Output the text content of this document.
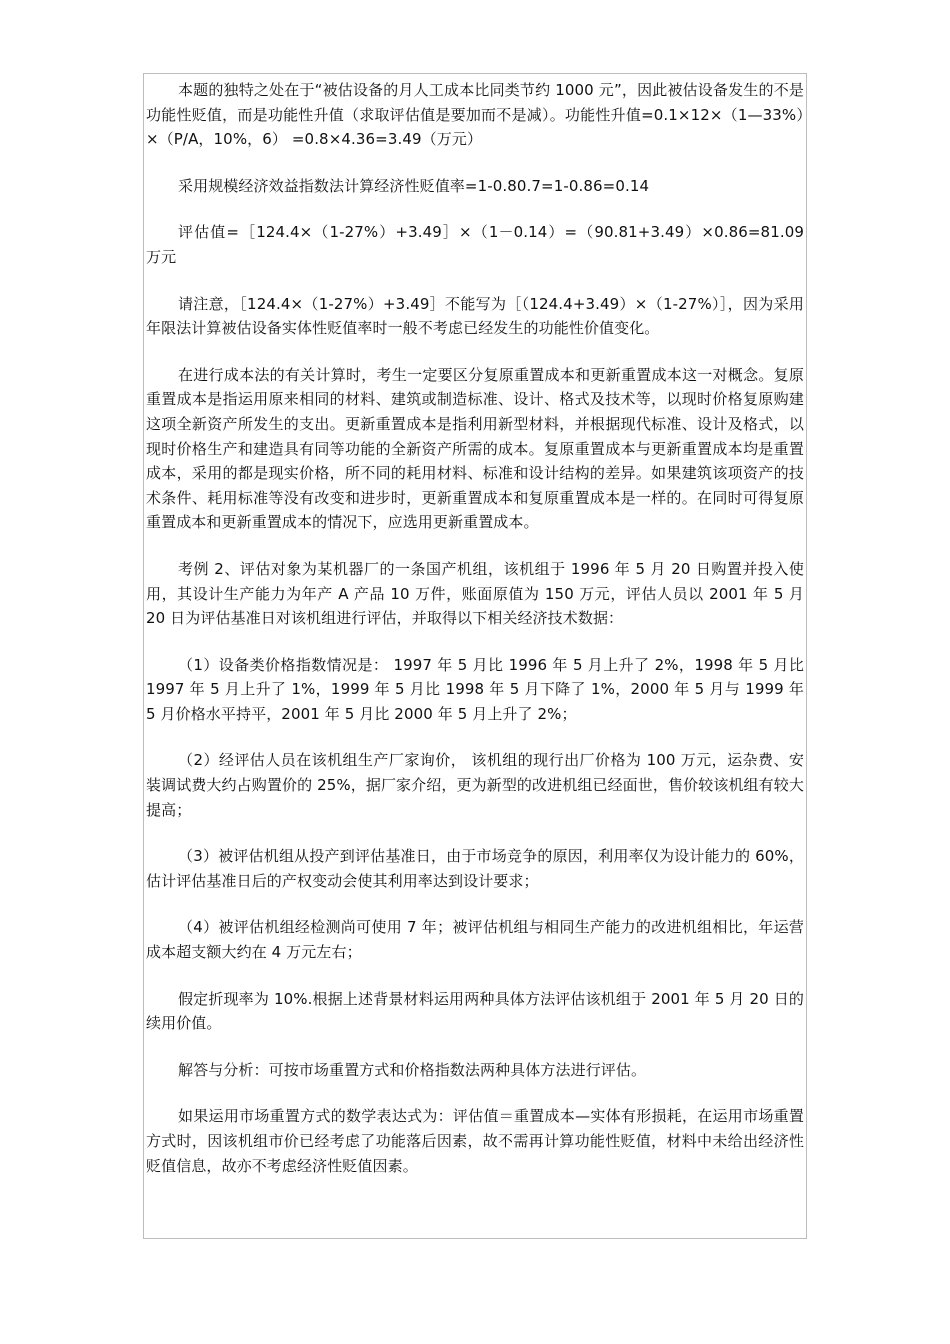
本题的独特之处在于“被估设备的月人工成本比同类节约 1000 元”，因此被估设备发生的不是功能性贬值，而是功能性升值（求取评估值是要加而不是减）。功能性升值=0.1×12×（1—33%）×（P/A，10%，6） =0.8×4.36=3.49（万元）

采用规模经济效益指数法计算经济性贬值率=1-0.80.7=1-0.86=0.14

评估值=［124.4×（1-27%）+3.49］×（1－0.14）=（90.81+3.49）×0.86=81.09 万元

请注意，［124.4×（1-27%）+3.49］不能写为［（124.4+3.49）×（1-27%）］，因为采用年限法计算被估设备实体性贬值率时一般不考虑已经发生的功能性价值变化。

在进行成本法的有关计算时，考生一定要区分复原重置成本和更新重置成本这一对概念。复原重置成本是指运用原来相同的材料、建筑或制造标准、设计、格式及技术等，以现时价格复原购建这项全新资产所发生的支出。更新重置成本是指利用新型材料，并根据现代标准、设计及格式，以现时价格生产和建造具有同等功能的全新资产所需的成本。复原重置成本与更新重置成本均是重置成本，采用的都是现实价格，所不同的耗用材料、标准和设计结构的差异。如果建筑该项资产的技术条件、耗用标准等没有改变和进步时，更新重置成本和复原重置成本是一样的。在同时可得复原重置成本和更新重置成本的情况下，应选用更新重置成本。

考例 2、评估对象为某机器厂的一条国产机组，该机组于 1996 年 5 月 20 日购置并投入使用，其设计生产能力为年产 A 产品 10 万件，账面原值为 150 万元，评估人员以 2001 年 5 月 20 日为评估基准日对该机组进行评估，并取得以下相关经济技术数据：

（1）设备类价格指数情况是： 1997 年 5 月比 1996 年 5 月上升了 2%，1998 年 5 月比 1997 年 5 月上升了 1%，1999 年 5 月比 1998 年 5 月下降了 1%，2000 年 5 月与 1999 年 5 月价格水平持平，2001 年 5 月比 2000 年 5 月上升了 2%；

（2）经评估人员在该机组生产厂家询价， 该机组的现行出厂价格为 100 万元，运杂费、安装调试费大约占购置价的 25%，据厂家介绍，更为新型的改进机组已经面世，售价较该机组有较大提高；

（3）被评估机组从投产到评估基准日，由于市场竞争的原因，利用率仅为设计能力的 60%，估计评估基准日后的产权变动会使其利用率达到设计要求；

（4）被评估机组经检测尚可使用 7 年；被评估机组与相同生产能力的改进机组相比，年运营成本超支额大约在 4 万元左右；

假定折现率为 10%.根据上述背景材料运用两种具体方法评估该机组于 2001 年 5 月 20 日的续用价值。

解答与分析：可按市场重置方式和价格指数法两种具体方法进行评估。

如果运用市场重置方式的数学表达式为：评估值＝重置成本—实体有形损耗，在运用市场重置方式时，因该机组市价已经考虑了功能落后因素，故不需再计算功能性贬值，材料中未给出经济性贬值信息，故亦不考虑经济性贬值因素。
